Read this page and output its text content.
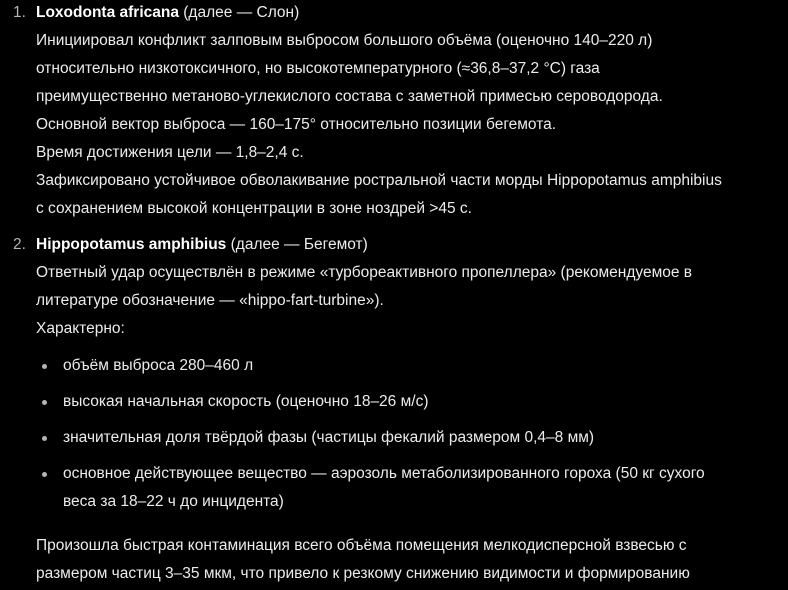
1. Loxodonta africana (далее — Слон)
Инициировал конфликт залповым выбросом большого объёма (оценочно 140–220 л)
относительно низкотоксичного, но высокотемпературного (≈36,8–37,2 °C) газа
преимущественно метаново-углекислого состава с заметной примесью сероводорода.
Основной вектор выброса — 160–175° относительно позиции бегемота.
Время достижения цели — 1,8–2,4 с.
Зафиксировано устойчивое обволакивание ростральной части морды Hippopotamus amphibius
с сохранением высокой концентрации в зоне ноздрей >45 с.
2. Hippopotamus amphibius (далее — Бегемот)
Ответный удар осуществлён в режиме «турбореактивного пропеллера» (рекомендуемое в
литературе обозначение — «hippo-fart-turbine»).
Характерно:
объём выброса 280–460 л
высокая начальная скорость (оценочно 18–26 м/с)
значительная доля твёрдой фазы (частицы фекалий размером 0,4–8 мм)
основное действующее вещество — аэрозоль метаболизированного гороха (50 кг сухого
веса за 18–22 ч до инцидента)
Произошла быстрая контаминация всего объёма помещения мелкодисперсной взвесью с
размером частиц 3–35 мкм, что привело к резкому снижению видимости и формированию
